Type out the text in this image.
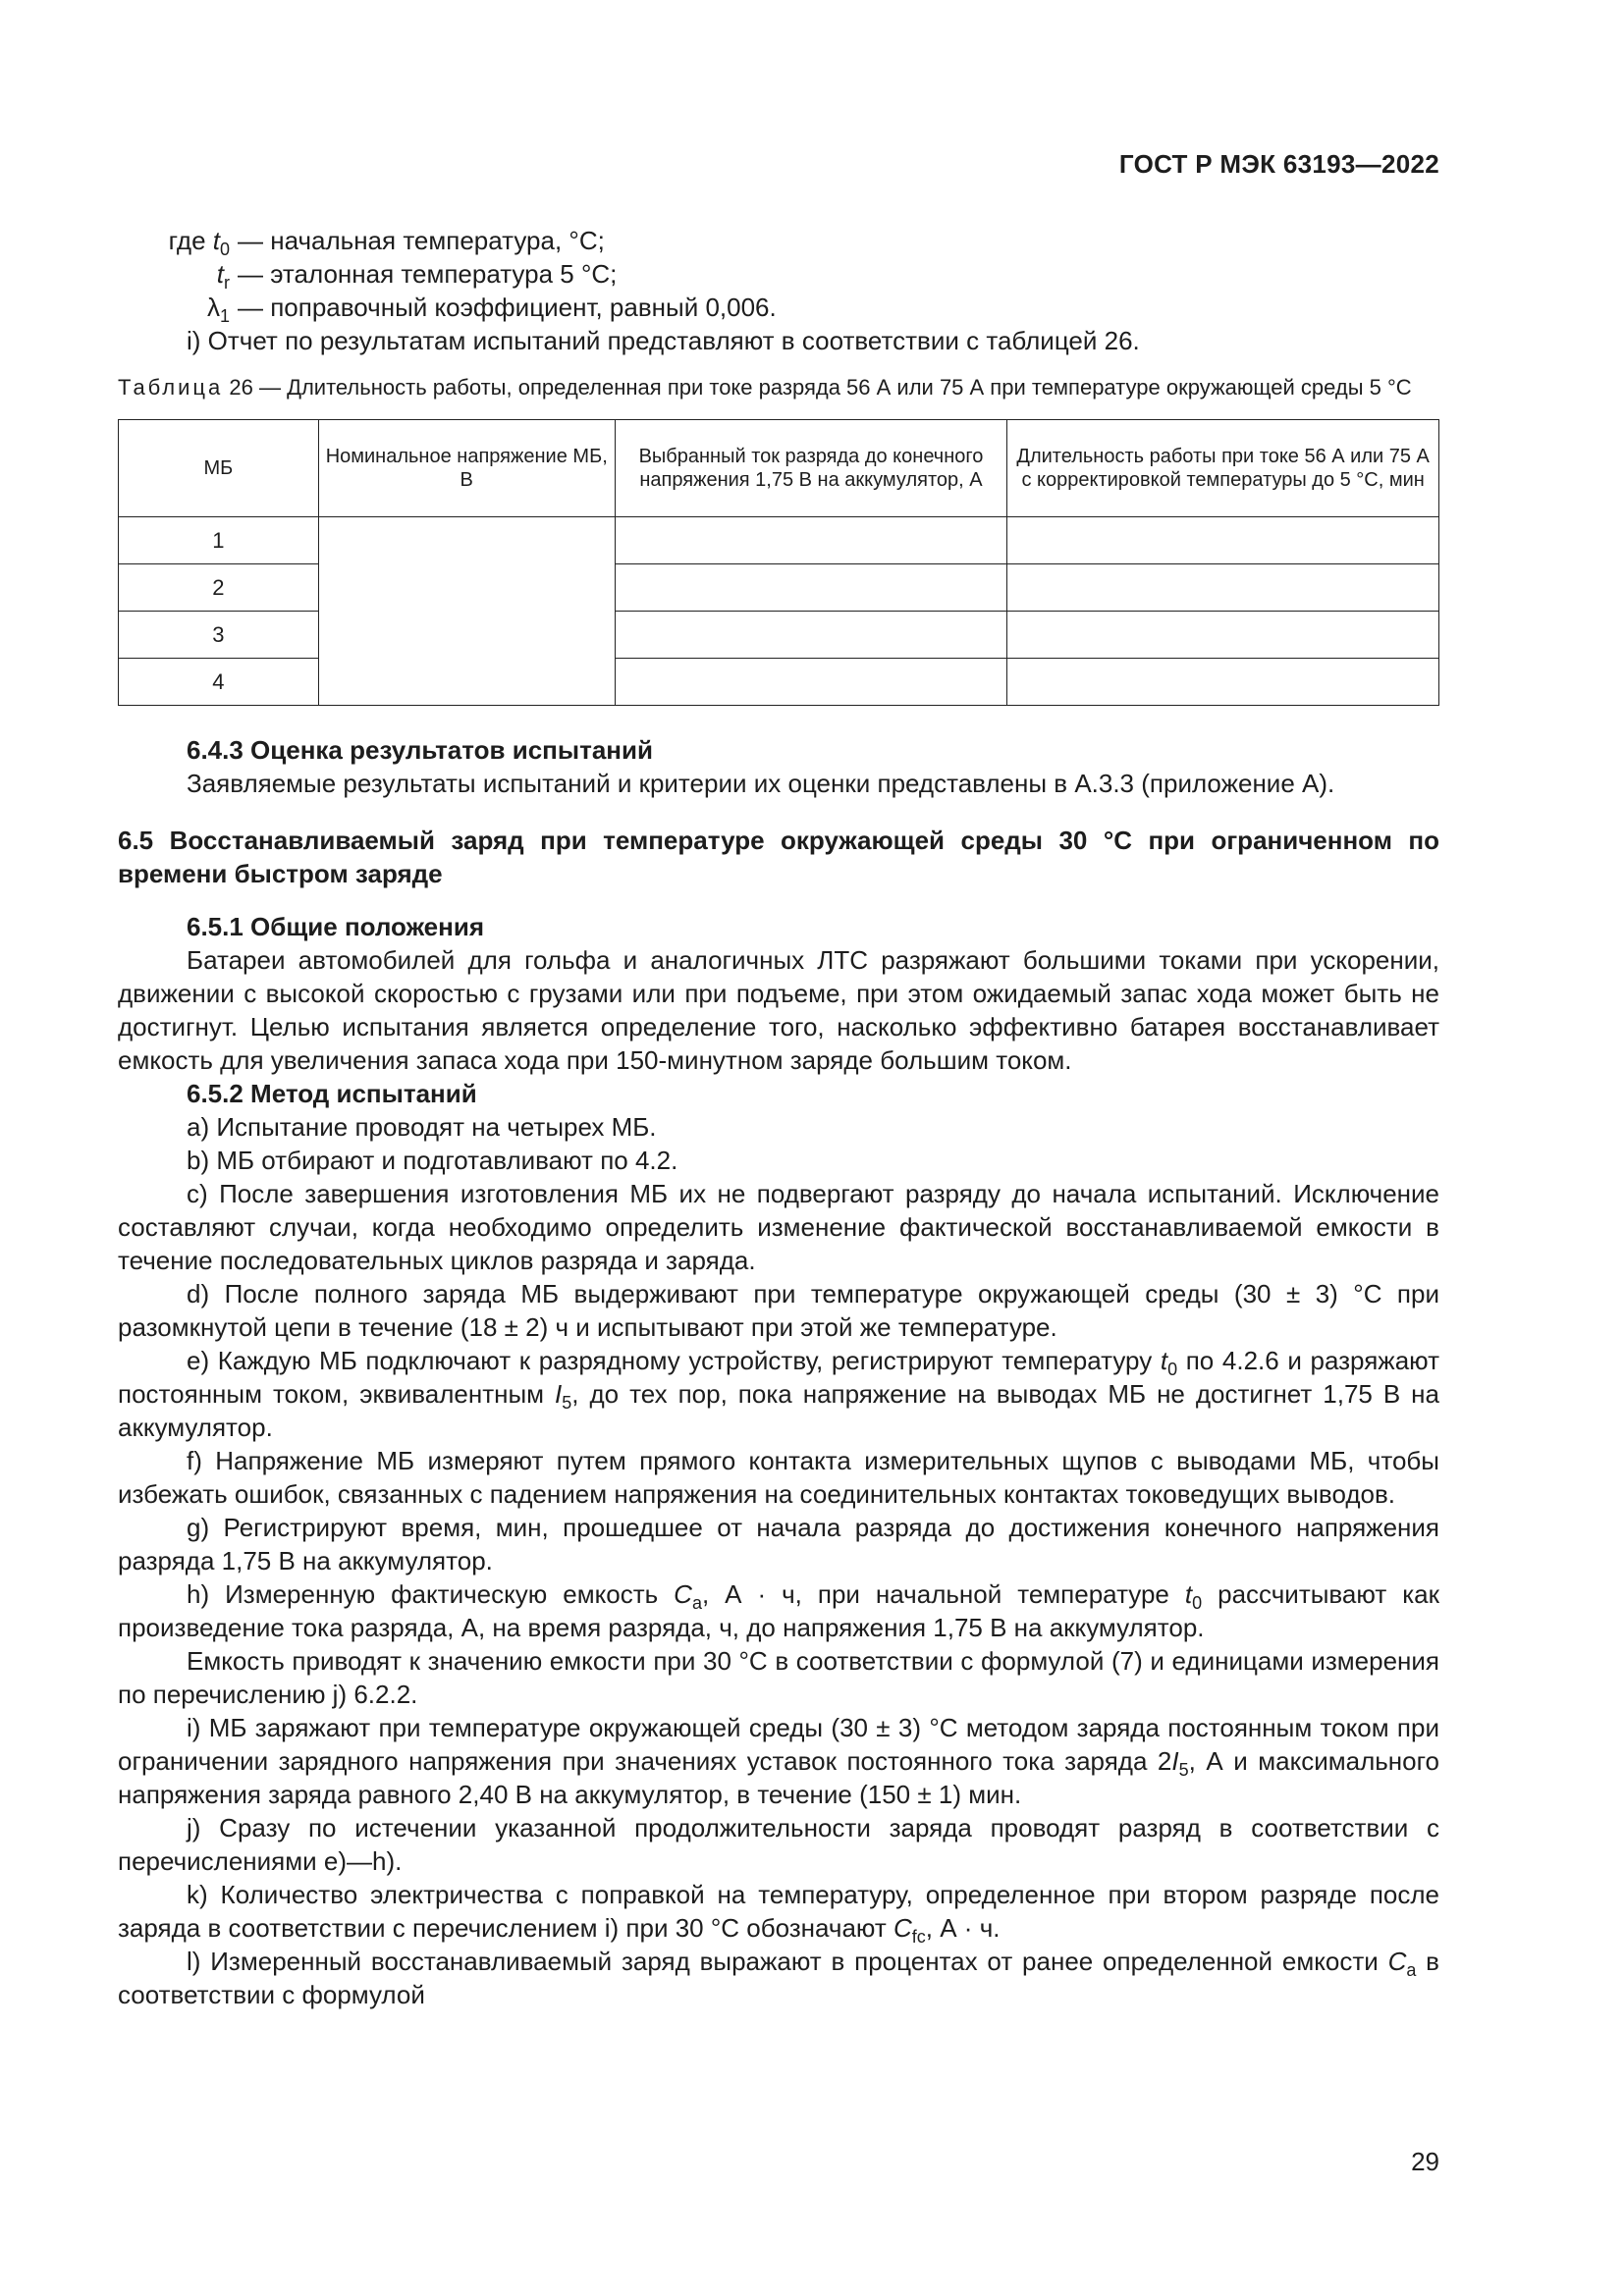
ГОСТ Р МЭК 63193—2022
где $t_0$ — начальная температура, °C;
$t_r$ — эталонная температура 5 °C;
$\lambda_1$ — поправочный коэффициент, равный 0,006.

i) Отчет по результатам испытаний представляют в соответствии с таблицей 26.

Таблица 26 — Длительность работы, определенная при токе разряда 56 А или 75 А при температуре окружающей среды 5 °C

МБ	Номинальное напряжение МБ, В	Выбранный ток разряда до конечного напряжения 1,75 В на аккумулятор, А	Длительность работы при токе 56 А или 75 А с корректировкой температуры до 5 °C, мин
1			
2			
3			
4			

6.4.3 Оценка результатов испытаний

Заявляемые результаты испытаний и критерии их оценки представлены в А.3.3 (приложение А).

6.5 Восстанавливаемый заряд при температуре окружающей среды 30 °C при ограниченном по времени быстром заряде

6.5.1 Общие положения

Батареи автомобилей для гольфа и аналогичных ЛТС разряжают большими токами при ускорении, движении с высокой скоростью с грузами или при подъеме, при этом ожидаемый запас хода может быть не достигнут. Целью испытания является определение того, насколько эффективно батарея восстанавливает емкость для увеличения запаса хода при 150-минутном заряде большим током.

6.5.2 Метод испытаний

a) Испытание проводят на четырех МБ.

b) МБ отбирают и подготавливают по 4.2.

c) После завершения изготовления МБ их не подвергают разряду до начала испытаний. Исключение составляют случаи, когда необходимо определить изменение фактической восстанавливаемой емкости в течение последовательных циклов разряда и заряда.

d) После полного заряда МБ выдерживают при температуре окружающей среды (30 ± 3) °C при разомкнутой цепи в течение (18 ± 2) ч и испытывают при этой же температуре.

e) Каждую МБ подключают к разрядному устройству, регистрируют температуру $t_0$ по 4.2.6 и разряжают постоянным током, эквивалентным $I_5$, до тех пор, пока напряжение на выводах МБ не достигнет 1,75 В на аккумулятор.

f) Напряжение МБ измеряют путем прямого контакта измерительных щупов с выводами МБ, чтобы избежать ошибок, связанных с падением напряжения на соединительных контактах токоведущих выводов.

g) Регистрируют время, мин, прошедшее от начала разряда до достижения конечного напряжения разряда 1,75 В на аккумулятор.

h) Измеренную фактическую емкость $C_a$, А · ч, при начальной температуре $t_0$ рассчитывают как произведение тока разряда, А, на время разряда, ч, до напряжения 1,75 В на аккумулятор.

Емкость приводят к значению емкости при 30 °C в соответствии с формулой (7) и единицами измерения по перечислению j) 6.2.2.

i) МБ заряжают при температуре окружающей среды (30 ± 3) °C методом заряда постоянным током при ограничении зарядного напряжения при значениях уставок постоянного тока заряда $2I_5$, А и максимального напряжения заряда равного 2,40 В на аккумулятор, в течение (150 ± 1) мин.

j) Сразу по истечении указанной продолжительности заряда проводят разряд в соответствии с перечислениями e)—h).

k) Количество электричества с поправкой на температуру, определенное при втором разряде после заряда в соответствии с перечислением i) при 30 °C обозначают $C_{fc}$, А · ч.

l) Измеренный восстанавливаемый заряд выражают в процентах от ранее определенной емкости $C_a$ в соответствии с формулой

29
